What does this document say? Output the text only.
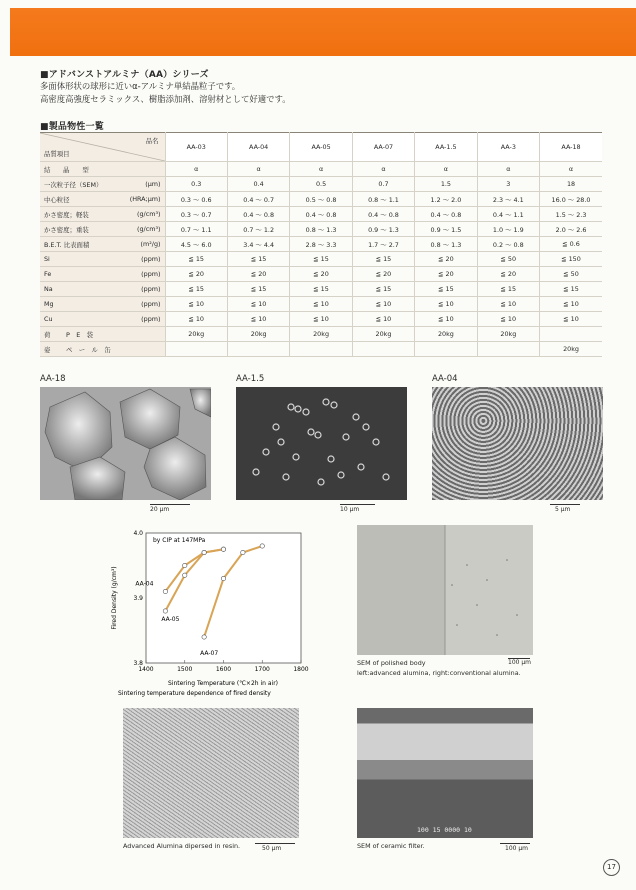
■アドバンストアルミナ（AA）シリーズ
多面体形状の球形に近いα-アルミナ単結晶粒子です。
高密度高強度セラミックス、樹脂添加剤、溶射材として好適です。
■製品物性一覧
品名
品質項目	AA-03	AA-04	AA-05	AA-07	AA-1.5	AA-3	AA-18
結　　晶　　型	α	α	α	α	α	α	α
一次粒子径（SEM） (μm)	0.3	0.4	0.5	0.7	1.5	3	18
中心粒径 (HRA;μm)	0.3 〜 0.6	0.4 〜 0.7	0.5 〜 0.8	0.8 〜 1.1	1.2 〜 2.0	2.3 〜 4.1	16.0 〜 28.0
かさ密度；軽装 (g/cm³)	0.3 〜 0.7	0.4 〜 0.8	0.4 〜 0.8	0.4 〜 0.8	0.4 〜 0.8	0.4 〜 1.1	1.5 〜 2.3
かさ密度；重装 (g/cm³)	0.7 〜 1.1	0.7 〜 1.2	0.8 〜 1.3	0.9 〜 1.3	0.9 〜 1.5	1.0 〜 1.9	2.0 〜 2.6
B.E.T. 比表面積 (m²/g)	4.5 〜 6.0	3.4 〜 4.4	2.8 〜 3.3	1.7 〜 2.7	0.8 〜 1.3	0.2 〜 0.8	≦ 0.6
Si (ppm)	≦ 15	≦ 15	≦ 15	≦ 15	≦ 20	≦ 50	≦ 150
Fe (ppm)	≦ 20	≦ 20	≦ 20	≦ 20	≦ 20	≦ 20	≦ 50
Na (ppm)	≦ 15	≦ 15	≦ 15	≦ 15	≦ 15	≦ 15	≦ 15
Mg (ppm)	≦ 10	≦ 10	≦ 10	≦ 10	≦ 10	≦ 10	≦ 10
Cu (ppm)	≦ 10	≦ 10	≦ 10	≦ 10	≦ 10	≦ 10	≦ 10
荷 P　E　袋	20kg	20kg	20kg	20kg	20kg	20kg	
姿 ペ　ー　ル　缶							20kg
AA-18
20 μm
AA-1.5
10 μm
AA-04
5 μm
1400	1500	1600	1700	1800
3.8
3.9
4.0
AA-04
AA-05
AA-07
by CIP at 147MPa
Fired Density (g/cm³)
Sintering Temperature (℃×2h in air)
Sintering temperature dependence of fired density
100 μm
SEM of polished body
left:advanced alumina, right:conventional alumina.
Advanced Alumina dipersed in resin.	50 μm
100 15 0000 10
SEM of ceramic filter.	100 μm
17
